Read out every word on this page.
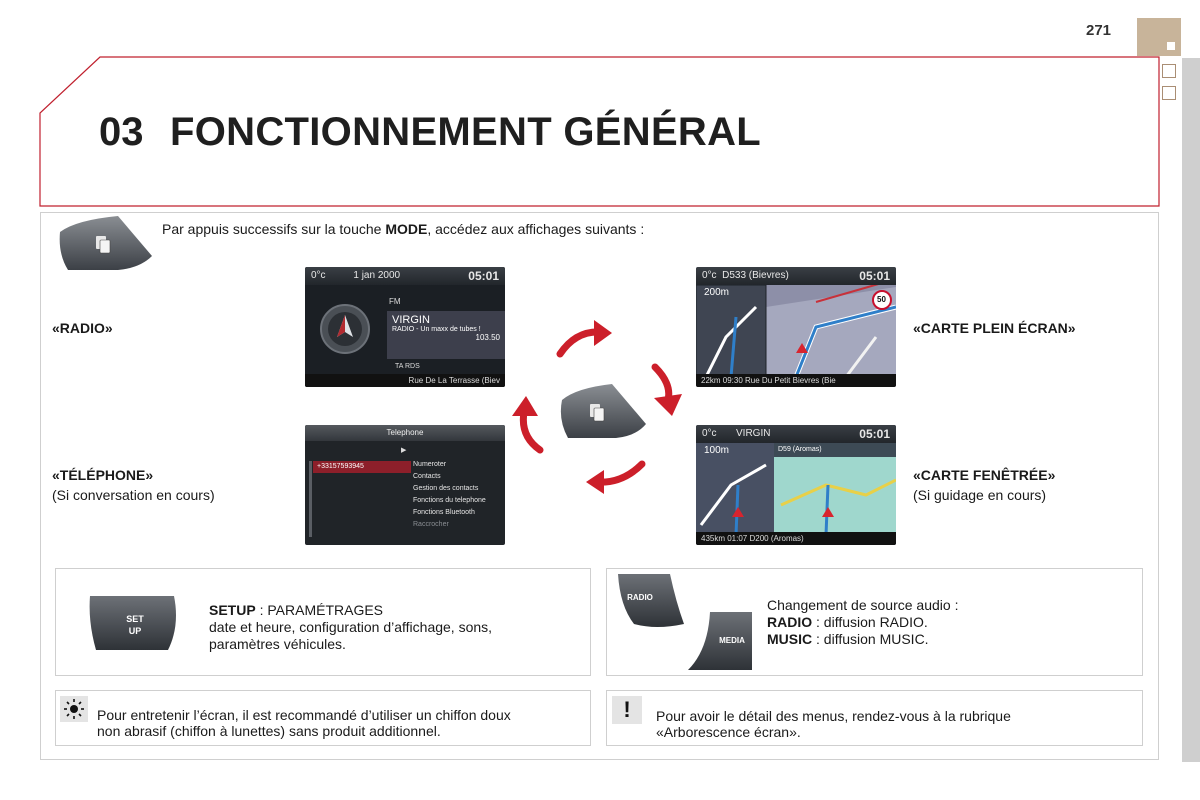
271
03 FONCTIONNEMENT GÉNÉRAL
Par appuis successifs sur la touche MODE, accédez aux affichages suivants :
«RADIO»	«CARTE PLEIN ÉCRAN»
«TÉLÉPHONE»
(Si conversation en cours)
«CARTE FENÊTRÉE»
(Si guidage en cours)
0°c	1 jan 2000	05:01
FM
VIRGIN
RADIO - Un maxx de tubes !
103.50
TA RDS
Rue De La Terrasse (Biev
0°c D533 (Bievres)	05:01
200m
50
22km 09:30 Rue Du Petit Bievres (Bie
Telephone
▶
+33157593945	Numeroter
Contacts
Gestion des contacts
Fonctions du telephone
Fonctions Bluetooth
Raccrocher
0°c VIRGIN	05:01
100m	D59 (Aromas)
435km 01:07 D200 (Aromas)
SET
UP
SETUP : PARAMÉTRAGES
date et heure, configuration d’affichage, sons,
paramètres véhicules.
RADIO
MEDIA
Changement de source audio :
RADIO : diffusion RADIO.
MUSIC : diffusion MUSIC.
Pour entretenir l’écran, il est recommandé d’utiliser un chiffon doux
non abrasif (chiffon à lunettes) sans produit additionnel.
!	Pour avoir le détail des menus, rendez-vous à la rubrique
«Arborescence écran».
